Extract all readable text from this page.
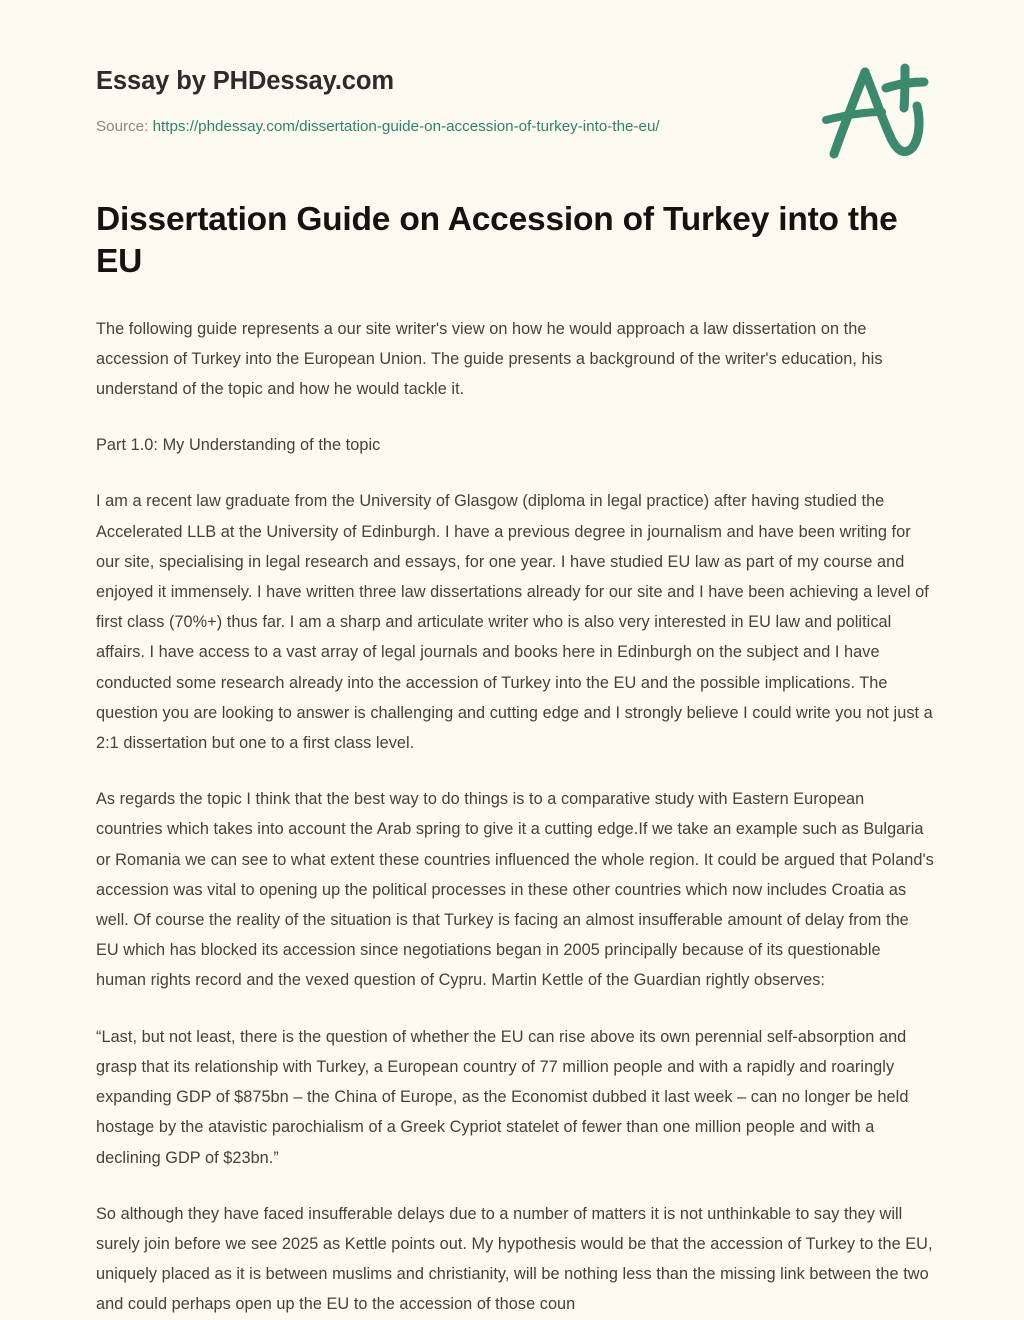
Essay by PHDessay.com
Source: https://phdessay.com/dissertation-guide-on-accession-of-turkey-into-the-eu/
Dissertation Guide on Accession of Turkey into the EU

The following guide represents a our site writer's view on how he would approach a law dissertation on the accession of Turkey into the European Union. The guide presents a background of the writer's education, his understand of the topic and how he would tackle it.

Part 1.0: My Understanding of the topic

I am a recent law graduate from the University of Glasgow (diploma in legal practice) after having studied the Accelerated LLB at the University of Edinburgh. I have a previous degree in journalism and have been writing for our site, specialising in legal research and essays, for one year. I have studied EU law as part of my course and enjoyed it immensely. I have written three law dissertations already for our site and I have been achieving a level of first class (70%+) thus far. I am a sharp and articulate writer who is also very interested in EU law and political affairs. I have access to a vast array of legal journals and books here in Edinburgh on the subject and I have conducted some research already into the accession of Turkey into the EU and the possible implications. The question you are looking to answer is challenging and cutting edge and I strongly believe I could write you not just a 2:1 dissertation but one to a first class level.

As regards the topic I think that the best way to do things is to a comparative study with Eastern European countries which takes into account the Arab spring to give it a cutting edge.If we take an example such as Bulgaria or Romania we can see to what extent these countries influenced the whole region. It could be argued that Poland's accession was vital to opening up the political processes in these other countries which now includes Croatia as well. Of course the reality of the situation is that Turkey is facing an almost insufferable amount of delay from the EU which has blocked its accession since negotiations began in 2005 principally because of its questionable human rights record and the vexed question of Cypru. Martin Kettle of the Guardian rightly observes:

“Last, but not least, there is the question of whether the EU can rise above its own perennial self-absorption and grasp that its relationship with Turkey, a European country of 77 million people and with a rapidly and roaringly expanding GDP of $875bn – the China of Europe, as the Economist dubbed it last week – can no longer be held hostage by the atavistic parochialism of a Greek Cypriot statelet of fewer than one million people and with a declining GDP of $23bn.”

So although they have faced insufferable delays due to a number of matters it is not unthinkable to say they will surely join before we see 2025 as Kettle points out. My hypothesis would be that the accession of Turkey to the EU, uniquely placed as it is between muslims and christianity, will be nothing less than the missing link between the two and could perhaps open up the EU to the accession of those coun
